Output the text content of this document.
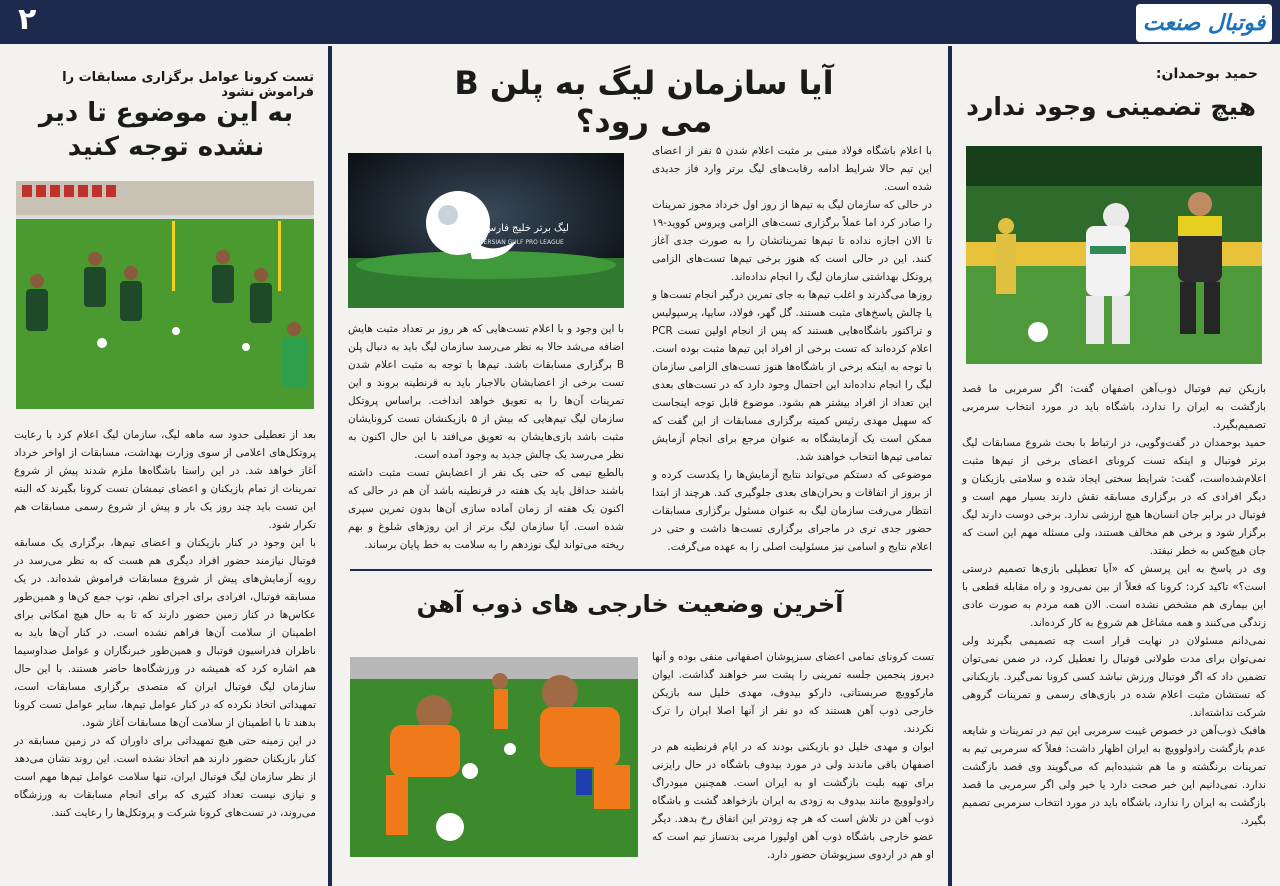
۲	فوتبال صنعت
حمید بوحمدان:
هیچ تضمینی وجود ندارد

بازیکن تیم فوتبال ذوب‌آهن اصفهان گفت: اگر سرمربی ما قصد بازگشت به ایران را ندارد، باشگاه باید در مورد انتخاب سرمربی تصمیم‌بگیرد.

حمید بوحمدان در گفت‌وگویی، در ارتباط با بحث شروع مسابقات لیگ برتر فوتبال و اینکه تست کرونای اعضای برخی از تیم‌ها مثبت اعلام‌شده‌است، گفت: شرایط سختی ایجاد شده و سلامتی بازیکنان و دیگر افرادی که در برگزاری مسابقه نقش دارند بسیار مهم است و فوتبال در برابر جان انسان‌ها هیچ ارزشی ندارد. برخی دوست دارند لیگ برگزار شود و برخی هم مخالف هستند، ولی مسئله مهم این است که جان هیچ‌کس به خطر نیفتد.

وی در پاسخ به این پرسش که «آیا تعطیلی بازی‌ها تصمیم درستی است؟» تاکید کرد: کرونا که فعلاً از بین نمی‌رود و راه مقابله قطعی با این بیماری هم مشخص نشده است. الان همه مردم به صورت عادی زندگی می‌کنند و همه مشاغل هم شروع به کار کرده‌اند.

نمی‌دانم مسئولان در نهایت قرار است چه تصمیمی بگیرند ولی نمی‌توان برای مدت طولانی فوتبال را تعطیل کرد، در ضمن نمی‌توان تضمین داد که اگر فوتبال ورزش نباشد کسی کرونا نمی‌گیرد. بازیکنانی که تستشان مثبت اعلام شده در بازی‌های رسمی و تمرینات گروهی شرکت نداشته‌اند.

هافبک ذوب‌آهن در خصوص غیبت سرمربی این تیم در تمرینات و شایعه عدم بازگشت رادولوویچ به ایران اظهار داشت: فعلاً که سرمربی تیم به تمرینات برنگشته و ما هم شنیده‌ایم که می‌گویند وی قصد بازگشت ندارد. نمی‌دانیم این خبر صحت دارد یا خیر ولی اگر سرمربی ما قصد بازگشت به ایران را ندارد، باشگاه باید در مورد انتخاب سرمربی تصمیم بگیرد.

آیا سازمان لیگ به پلن B می رود؟
لیگ برتر خلیج فارس
PERSIAN GULF PRO LEAGUE

با اعلام باشگاه فولاد مبنی بر مثبت اعلام شدن ۵ نفر از اعضای این تیم حالا شرایط ادامه رقابت‌های لیگ برتر وارد فاز جدیدی شده است.

در حالی که سازمان لیگ به تیم‌ها از روز اول خرداد مجوز تمرینات را صادر کرد اما عملاً برگزاری تست‌های الزامی ویروس کووید-۱۹ تا الان اجازه نداده تا تیم‌ها تمریناتشان را به صورت جدی آغاز کنند. این در حالی است که هنوز برخی تیم‌ها تست‌های الزامی پروتکل بهداشتی سازمان لیگ را انجام نداده‌اند.

روزها می‌گذرند و اغلب تیم‌ها به جای تمرین درگیر انجام تست‌ها و یا چالش پاسخ‌های مثبت هستند. گل گهر، فولاد، سایپا، پرسپولیس و تراکتور باشگاه‌هایی هستند که پس از انجام اولین تست PCR اعلام کرده‌اند که تست برخی از افراد این تیم‌ها مثبت بوده است. با توجه به اینکه برخی از باشگاه‌ها هنوز تست‌های الزامی سازمان لیگ را انجام نداده‌اند این احتمال وجود دارد که در تست‌های بعدی این تعداد از افراد بیشتر هم بشود. موضوع قابل توجه اینجاست که سهیل مهدی رئیس کمیته برگزاری مسابقات از این گفت که ممکن است یک آزمایشگاه به عنوان مرجع برای انجام آزمایش تمامی تیم‌ها انتخاب خواهند شد.

موضوعی که دستکم می‌تواند نتایج آزمایش‌ها را یکدست کرده و از بروز از اتفاقات و بحران‌های بعدی جلوگیری کند. هرچند از ابتدا انتظار می‌رفت سازمان لیگ به عنوان مسئول برگزاری مسابقات حضور جدی تری در ماجرای برگزاری تست‌ها داشت و حتی در اعلام نتایج و اسامی نیز مسئولیت اصلی را به عهده می‌گرفت.

با این وجود و با اعلام تست‌هایی که هر روز بر تعداد مثبت هایش اضافه می‌شد حالا به نظر می‌رسد سازمان لیگ باید به دنبال پلن B برگزاری مسابقات باشد. تیم‌ها با توجه به مثبت اعلام شدن تست برخی از اعضایشان بالاجبار باید به قرنطینه بروند و این تمرینات آن‌ها را به تعویق خواهد انداخت. براساس پروتکل سازمان لیگ تیم‌هایی که بیش از ۵ بازیکنشان تست کرونایشان مثبت باشد بازی‌هایشان به تعویق می‌افتد با این حال اکنون به نظر می‌رسد یک چالش جدید به وجود آمده است.

بالطبع تیمی که حتی یک نفر از اعضایش تست مثبت داشته باشند حداقل باید یک هفته در قرنطینه باشد آن هم در حالی که اکنون یک هفته از زمان آماده سازی آن‌ها بدون تمرین سپری شده است. آیا سازمان لیگ برتر از این روزهای شلوغ و بهم ریخته می‌تواند لیگ نوزدهم را به سلامت به خط پایان برساند.

آخرین وضعیت خارجی های ذوب آهن

تست کرونای تمامی اعضای سبزپوشان اصفهانی منفی بوده و آنها دیروز پنجمین جلسه تمرینی را پشت سر خواهند گذاشت. ایوان مارکوویچ صربستانی، دارکو بیدوف، مهدی خلیل سه بازیکن خارجی ذوب آهن هستند که دو نفر از آنها اصلا ایران را ترک نکردند.

ایوان و مهدی خلیل دو بازیکنی بودند که در ایام قرنطینه هم در اصفهان باقی ماندند ولی در مورد بیدوف باشگاه در حال رایزنی برای تهیه بلیت بازگشت او به ایران است. همچنین میودراگ رادولوویچ مانند بیدوف به زودی به ایران بازخواهد گشت و باشگاه ذوب آهن در تلاش است که هر چه زودتر این اتفاق رخ بدهد. دیگر عضو خارجی باشگاه ذوب آهن اولیورا مربی بدنساز تیم است که او هم در اردوی سبزپوشان حضور دارد.

تست کرونا عوامل برگزاری مسابقات را فراموش نشود
به این موضوع تا دیر نشده توجه کنید

بعد از تعطیلی حدود سه ماهه لیگ، سازمان لیگ اعلام کرد با رعایت پروتکل‌های اعلامی از سوی وزارت بهداشت، مسابقات از اواخر خرداد آغاز خواهد شد. در این راستا باشگاه‌ها ملزم شدند پیش از شروع تمرینات از تمام بازیکنان و اعضای تیمشان تست کرونا بگیرند که البته این تست باید چند روز یک بار و پیش از شروع رسمی مسابقات هم تکرار شود.

با این وجود در کنار بازیکنان و اعضای تیم‌ها، برگزاری یک مسابقه فوتبال نیازمند حضور افراد دیگری هم هست که به نظر می‌رسد در رویه آزمایش‌های پیش از شروع مسابقات فراموش شده‌اند. در یک مسابقه فوتبال، افرادی برای اجرای نظم، توپ جمع کن‌ها و همین‌طور عکاس‌ها در کنار زمین حضور دارند که تا به حال هیچ امکانی برای اطمینان از سلامت آن‌ها فراهم نشده است. در کنار آن‌ها باید به ناظران فدراسیون فوتبال و همین‌طور خبرنگاران و عوامل صداوسیما هم اشاره کرد که همیشه در ورزشگاه‌ها حاضر هستند. با این حال سازمان لیگ فوتبال ایران که متصدی برگزاری مسابقات است، تمهیداتی اتخاذ نکرده که در کنار عوامل تیم‌ها، سایر عوامل تست کرونا بدهند تا با اطمینان از سلامت آن‌ها مسابقات آغاز شود.

در این زمینه حتی هیچ تمهیداتی برای داوران که در زمین مسابقه در کنار بازیکنان حضور دارند هم اتخاذ نشده است. این روند نشان می‌دهد از نظر سازمان لیگ فوتبال ایران، تنها سلامت عوامل تیم‌ها مهم است و نیازی نیست تعداد کثیری که برای انجام مسابقات به ورزشگاه می‌روند، در تست‌های کرونا شرکت و پروتکل‌ها را رعایت کنند.
